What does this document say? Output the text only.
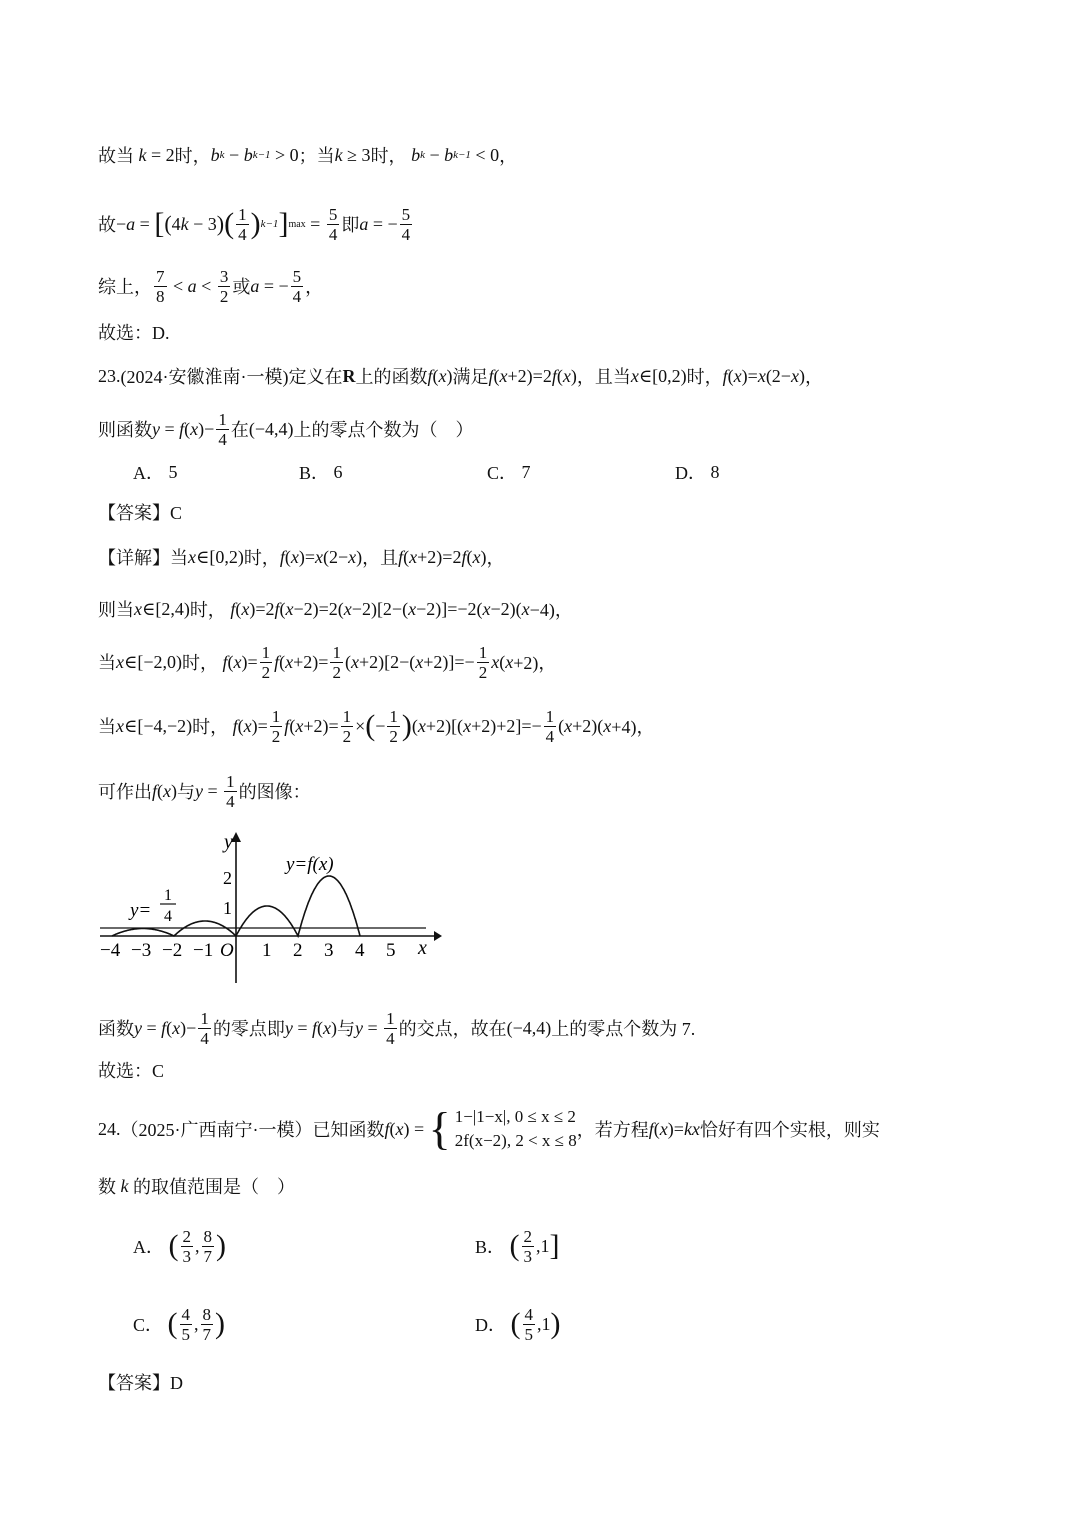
故当 k = 2 时， b k − b k−1 > 0 ；当 k ≥ 3 时，
b k − b k−1 < 0 ，
故 − a = [ ( 4 k − 3 ) ( $\frac{1}{4}$ ) k−1 ] $\max = \frac{5}{4}$ 即 a = − $\frac{5}{4}$
综上， $\frac{7}{8} < a < \frac{3}{2}$ 或 a = − $\frac{5}{4}$ ，
故选：D.
23. (2024·安徽淮南·一模) 定义在 R 上的函数 f ( x ) 满足 f ( x +2)=2 f ( x ) ，且当 x ∈[0,2) 时， f ( x )= x (2− x ) ，
则函数 y = f ( x )− $\frac{1}{4}$ 在 (−4,4) 上的零点个数为（　）
A．
5	B．
6	C．
7	D．
8
【答案】C
【详解】 当 x ∈[0,2) 时， f ( x )= x (2− x ) ，且 f ( x +2)=2 f ( x ) ，
则当 x ∈[2,4) 时，
f ( x )=2 f ( x −2)=2( x −2)[2−( x −2)]=−2( x −2)( x −4)，
当 x ∈[−2,0) 时，
f ( x )= $\frac{1}{2}$ f ( $x +2)= \frac{1}{2}$ ( x +2)[2−( $x +2)]=- \frac{1}{2}$ x ( x +2)，
当 x ∈[−4,−2) 时，
f ( x )= $\frac{1}{2}$ f ( $x +2)= \frac{1}{2}$ × ( − $\frac{1}{2}$ ) ( x +2)[( $x +2)+2]=- \frac{1}{4}$ ( x +2)( x +4)，
可作出 f ( x ) 与 $y = \frac{1}{4}$ 的图像：
y
x
y=f(x)
y=
1
4
O
2
1
−4 −3 −2 −1	1 2 3 4 5
函数 y = f ( x )− $\frac{1}{4}$ 的零点即 y = f ( x ) 与 $y = \frac{1}{4}$ 的交点，故在 (−4,4) 上的零点个数为 7.
故选：C
24. （2025·广西南宁·一模） 已知函数 f ( x ) = { 1−|1−x|, 0 ≤ x ≤ 2
2f(x−2), 2 < x ≤ 8
，若方程 f ( x )= kx 恰好有四个实根，则实
数
k
的取值范围是（　）
A．
( $\frac{2}{3}$ , $\frac{8}{7}$ )	B．
( $\frac{2}{3}$ , 1 ]
C．
( $\frac{4}{5}$ , $\frac{8}{7}$ )	D．
( $\frac{4}{5}$ , 1 )
【答案】D
